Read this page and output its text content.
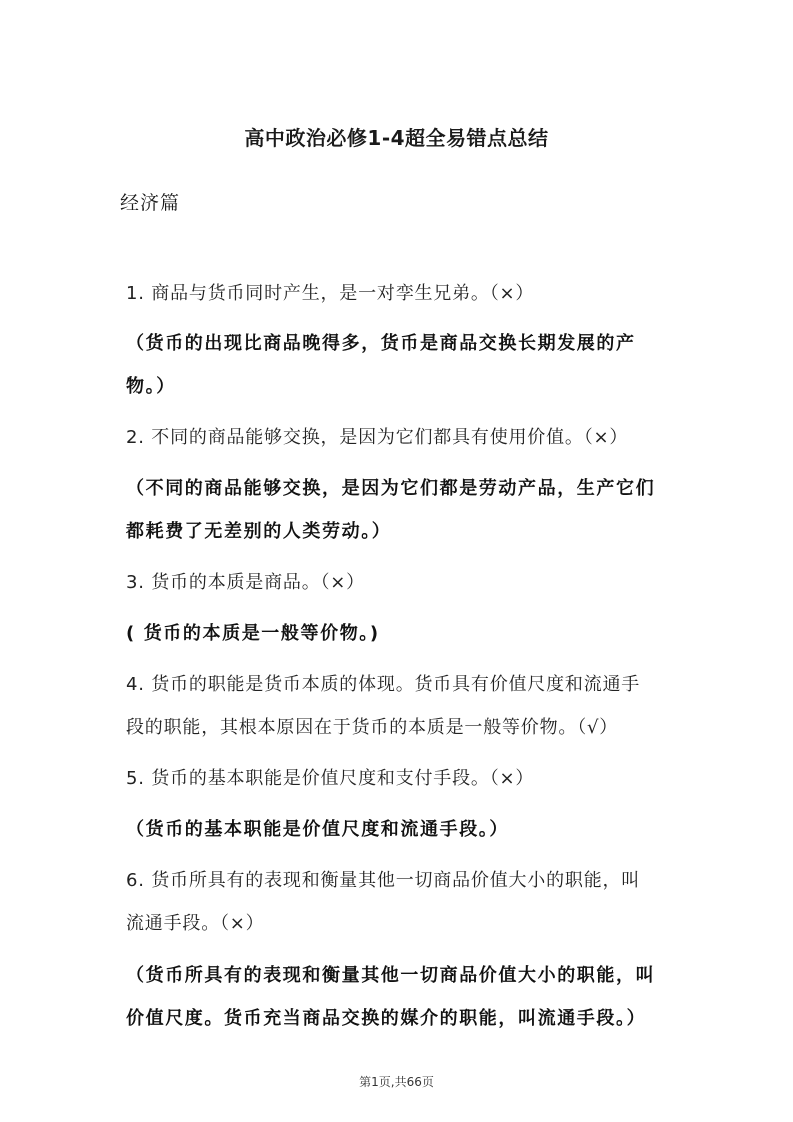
高中政治必修1-4超全易错点总结
经济篇
1. 商品与货币同时产生，是一对孪生兄弟。（×）
（货币的出现比商品晚得多，货币是商品交换长期发展的产
物。）
2. 不同的商品能够交换，是因为它们都具有使用价值。（×）
（不同的商品能够交换，是因为它们都是劳动产品，生产它们
都耗费了无差别的人类劳动。）
3. 货币的本质是商品。（×）
( 货币的本质是一般等价物。)
4. 货币的职能是货币本质的体现。货币具有价值尺度和流通手
段的职能，其根本原因在于货币的本质是一般等价物。（√）
5. 货币的基本职能是价值尺度和支付手段。（×）
（货币的基本职能是价值尺度和流通手段。）
6. 货币所具有的表现和衡量其他一切商品价值大小的职能，叫
流通手段。（×）
（货币所具有的表现和衡量其他一切商品价值大小的职能，叫
价值尺度。货币充当商品交换的媒介的职能，叫流通手段。）
第1页,共66页
